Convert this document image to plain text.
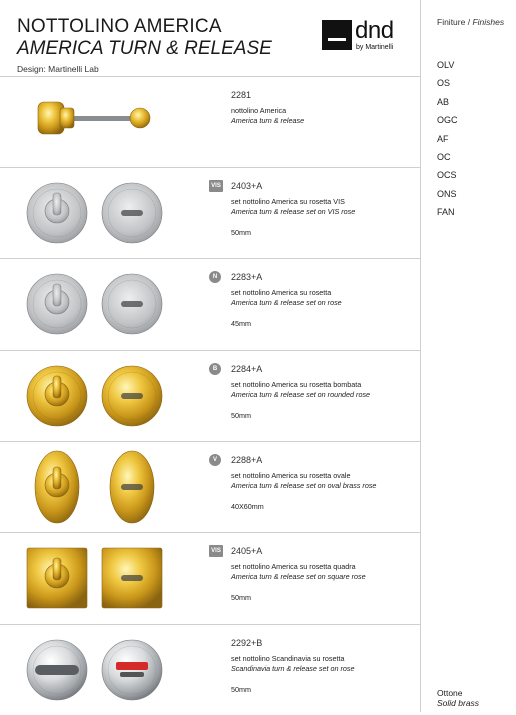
NOTTOLINO AMERICA
AMERICA TURN & RELEASE
Design: Martinelli Lab
dnd
by Martinelli
Finiture / Finishes
OLV
OS
AB
OGC
AF
OC
OCS
ONS
FAN
Ottone
Solid brass
2281
nottolino America
America turn & release
VIS 2403+A
set nottolino America su rosetta VIS
America turn & release set on VIS rose
50mm
N	2283+A
set nottolino America su rosetta
America turn & release set on rose
45mm
B	2284+A
set nottolino America su rosetta bombata
America turn & release set on rounded rose
50mm
V	2288+A
set nottolino America su rosetta ovale
America turn & release set on oval brass rose
40X60mm
VIS 2405+A
set nottolino America su rosetta quadra
America turn & release set on square rose
50mm
2292+B
set nottolino Scandinavia su rosetta
Scandinavia turn & release set on rose
50mm
